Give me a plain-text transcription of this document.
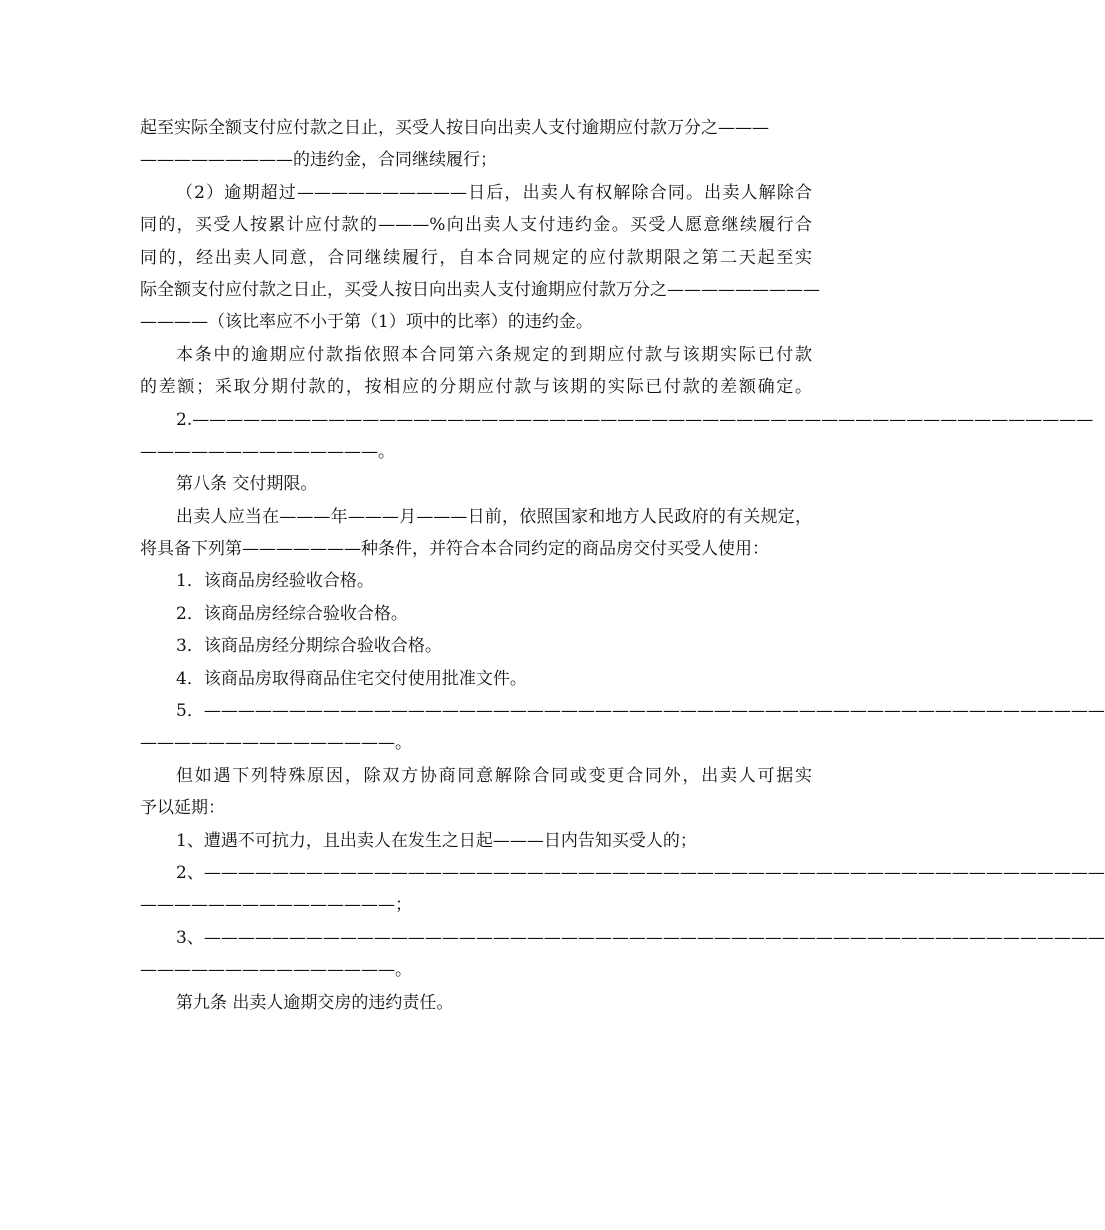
起至实际全额支付应付款之日止，买受人按日向出卖人支付逾期应付款万分之———
—————————的违约金，合同继续履行；
（2）逾期超过——————————日后，出卖人有权解除合同。出卖人解除合
同的，买受人按累计应付款的———%向出卖人支付违约金。买受人愿意继续履行合
同的，经出卖人同意，合同继续履行，自本合同规定的应付款期限之第二天起至实
际全额支付应付款之日止，买受人按日向出卖人支付逾期应付款万分之—————————
————（该比率应不小于第（1）项中的比率）的违约金。
本条中的逾期应付款指依照本合同第六条规定的到期应付款与该期实际已付款
的差额；采取分期付款的，按相应的分期应付款与该期的实际已付款的差额确定。
2.—————————————————————————————————————————————————————
——————————————。
第八条 交付期限。
出卖人应当在———年———月———日前，依照国家和地方人民政府的有关规定，
将具备下列第———————种条件，并符合本合同约定的商品房交付买受人使用：
1．该商品房经验收合格。
2．该商品房经综合验收合格。
3．该商品房经分期综合验收合格。
4．该商品房取得商品住宅交付使用批准文件。
5．—————————————————————————————————————————————————————
———————————————。
但如遇下列特殊原因，除双方协商同意解除合同或变更合同外，出卖人可据实
予以延期：
1、遭遇不可抗力，且出卖人在发生之日起———日内告知买受人的；
2、—————————————————————————————————————————————————————
———————————————；
3、—————————————————————————————————————————————————————
———————————————。
第九条 出卖人逾期交房的违约责任。
